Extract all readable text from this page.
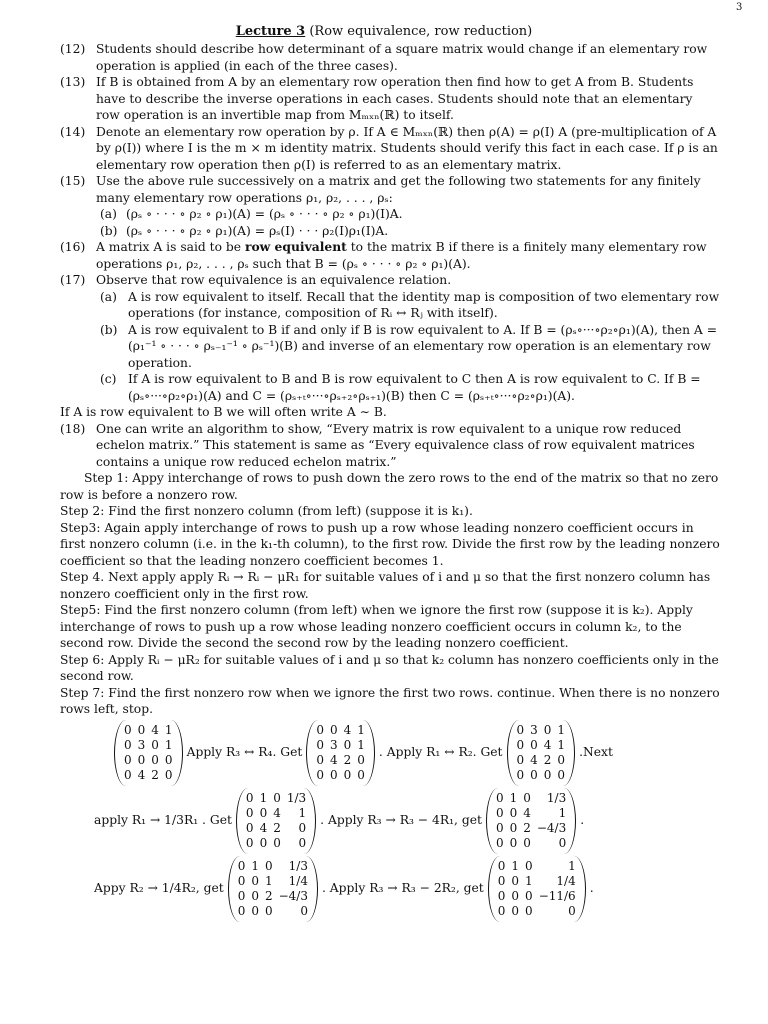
3
Lecture 3 (Row equivalence, row reduction)
(12) Students should describe how determinant of a square matrix would change if an elementary row operation is applied (in each of the three cases).
(13) If B is obtained from A by an elementary row operation then find how to get A from B. Students have to describe the inverse operations in each cases. Students should note that an elementary row operation is an invertible map from Mₘₓₙ(ℝ) to itself.
(14) Denote an elementary row operation by ρ. If A ∈ Mₘₓₙ(ℝ) then ρ(A) = ρ(I) A (pre-multiplication of A by ρ(I)) where I is the m × m identity matrix. Students should verify this fact in each case. If ρ is an elementary row operation then ρ(I) is referred to as an elementary matrix.
(15) Use the above rule successively on a matrix and get the following two statements for any finitely many elementary row operations ρ₁, ρ₂, . . . , ρₛ:
(a) (ρₛ ∘ · · · ∘ ρ₂ ∘ ρ₁)(A) = (ρₛ ∘ · · · ∘ ρ₂ ∘ ρ₁)(I)A.
(b) (ρₛ ∘ · · · ∘ ρ₂ ∘ ρ₁)(A) = ρₛ(I) · · · ρ₂(I)ρ₁(I)A.
(16) A matrix A is said to be row equivalent to the matrix B if there is a finitely many elementary row operations ρ₁, ρ₂, . . . , ρₛ such that B = (ρₛ ∘ · · · ∘ ρ₂ ∘ ρ₁)(A).
(17) Observe that row equivalence is an equivalence relation.
(a) A is row equivalent to itself. Recall that the identity map is composition of two elementary row operations (for instance, composition of Rᵢ ↔ Rⱼ with itself).
(b) A is row equivalent to B if and only if B is row equivalent to A. If B = (ρₛ∘···∘ρ₂∘ρ₁)(A), then A = (ρ₁⁻¹ ∘ · · · ∘ ρₛ₋₁⁻¹ ∘ ρₛ⁻¹)(B) and inverse of an elementary row operation is an elementary row operation.
(c) If A is row equivalent to B and B is row equivalent to C then A is row equivalent to C. If B = (ρₛ∘···∘ρ₂∘ρ₁)(A) and C = (ρₛ₊ₜ∘···∘ρₛ₊₂∘ρₛ₊₁)(B) then C = (ρₛ₊ₜ∘···∘ρ₂∘ρ₁)(A).
If A is row equivalent to B we will often write A ∼ B.
(18) One can write an algorithm to show, “Every matrix is row equivalent to a unique row reduced echelon matrix.” This statement is same as “Every equivalence class of row equivalent matrices contains a unique row reduced echelon matrix.”
Step 1: Appy interchange of rows to push down the zero rows to the end of the matrix so that no zero row is before a nonzero row.
Step 2: Find the first nonzero column (from left) (suppose it is k₁).
Step3: Again apply interchange of rows to push up a row whose leading nonzero coefficient occurs in first nonzero column (i.e. in the k₁-th column), to the first row. Divide the first row by the leading nonzero coefficient so that the leading nonzero coefficient becomes 1.
Step 4. Next apply apply Rᵢ → Rᵢ − μR₁ for suitable values of i and μ so that the first nonzero column has nonzero coefficient only in the first row.
Step5: Find the first nonzero column (from left) when we ignore the first row (suppose it is k₂). Apply interchange of rows to push up a row whose leading nonzero coefficient occurs in column k₂, to the second row. Divide the second the second row by the leading nonzero coefficient.
Step 6: Apply Rᵢ − μR₂ for suitable values of i and μ so that k₂ column has nonzero coefficients only in the second row.
Step 7: Find the first nonzero row when we ignore the first two rows. continue. When there is no nonzero rows left, stop.
0	0	4	1
0	3	0	1
0	0	0	0
0	4	2	0
Apply R₃ ↔ R₄. Get
0	0	4	1
0	3	0	1
0	4	2	0
0	0	0	0
. Apply R₁ ↔ R₂. Get
0	3	0	1
0	0	4	1
0	4	2	0
0	0	0	0
.Next
apply R₁ → 1/3R₁ . Get
0	1	0	1/3
0	0	4	1
0	4	2	0
0	0	0	0
. Apply R₃ → R₃ − 4R₁, get
0	1	0	1/3
0	0	4	1
0	0	2	−4/3
0	0	0	0
.
Appy R₂ → 1/4R₂, get
0	1	0	1/3
0	0	1	1/4
0	0	2	−4/3
0	0	0	0
. Apply R₃ → R₃ − 2R₂, get
0	1	0	1
0	0	1	1/4
0	0	0	−11/6
0	0	0	0
.
